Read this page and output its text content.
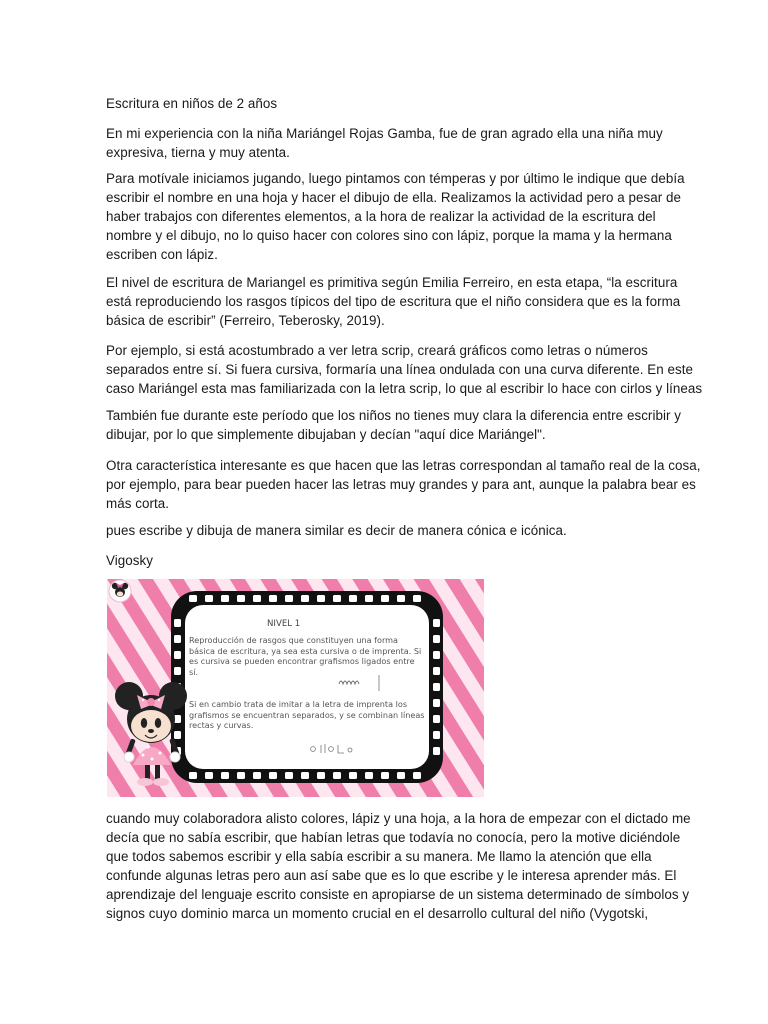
Escritura en niños de 2 años

En mi experiencia con la niña Mariángel Rojas Gamba, fue de gran agrado ella una niña muy
expresiva, tierna y muy atenta.

Para motívale iniciamos jugando, luego pintamos con témperas y por último le indique que debía
escribir el nombre en una hoja y hacer el dibujo de ella. Realizamos la actividad pero a pesar de
haber trabajos con diferentes elementos, a la hora de realizar la actividad de la escritura del
nombre y el dibujo, no lo quiso hacer con colores sino con lápiz, porque la mama y la hermana
escriben con lápiz.

El nivel de escritura de Mariangel es primitiva según Emilia Ferreiro, en esta etapa, “la escritura
está reproduciendo los rasgos típicos del tipo de escritura que el niño considera que es la forma
básica de escribir” (Ferreiro, Teberosky, 2019).

Por ejemplo, si está acostumbrado a ver letra scrip, creará gráficos como letras o números
separados entre sí. Si fuera cursiva, formaría una línea ondulada con una curva diferente. En este
caso Mariángel esta mas familiarizada con la letra scrip, lo que al escribir lo hace con cirlos y líneas

También fue durante este período que los niños no tienes muy clara la diferencia entre escribir y
dibujar, por lo que simplemente dibujaban y decían "aquí dice Mariángel".

Otra característica interesante es que hacen que las letras correspondan al tamaño real de la cosa,
por ejemplo, para bear pueden hacer las letras muy grandes y para ant, aunque la palabra bear es
más corta.

pues escribe y dibuja de manera similar es decir de manera cónica e icónica.

Vigosky

NIVEL 1
Reproducción de rasgos que constituyen una forma
básica de escritura, ya sea esta cursiva o de imprenta. Si
es cursiva se pueden encontrar grafismos ligados entre
sí.
Si en cambio trata de imitar a la letra de imprenta los
grafismos se encuentran separados, y se combinan líneas
rectas y curvas.

cuando muy colaboradora alisto colores, lápiz y una hoja, a la hora de empezar con el dictado me
decía que no sabía escribir, que habían letras que todavía no conocía, pero la motive diciéndole
que todos sabemos escribir y ella sabía escribir a su manera. Me llamo la atención que ella
confunde algunas letras pero aun así sabe que es lo que escribe y le interesa aprender más. El
aprendizaje del lenguaje escrito consiste en apropiarse de un sistema determinado de símbolos y
signos cuyo dominio marca un momento crucial en el desarrollo cultural del niño (Vygotski,
